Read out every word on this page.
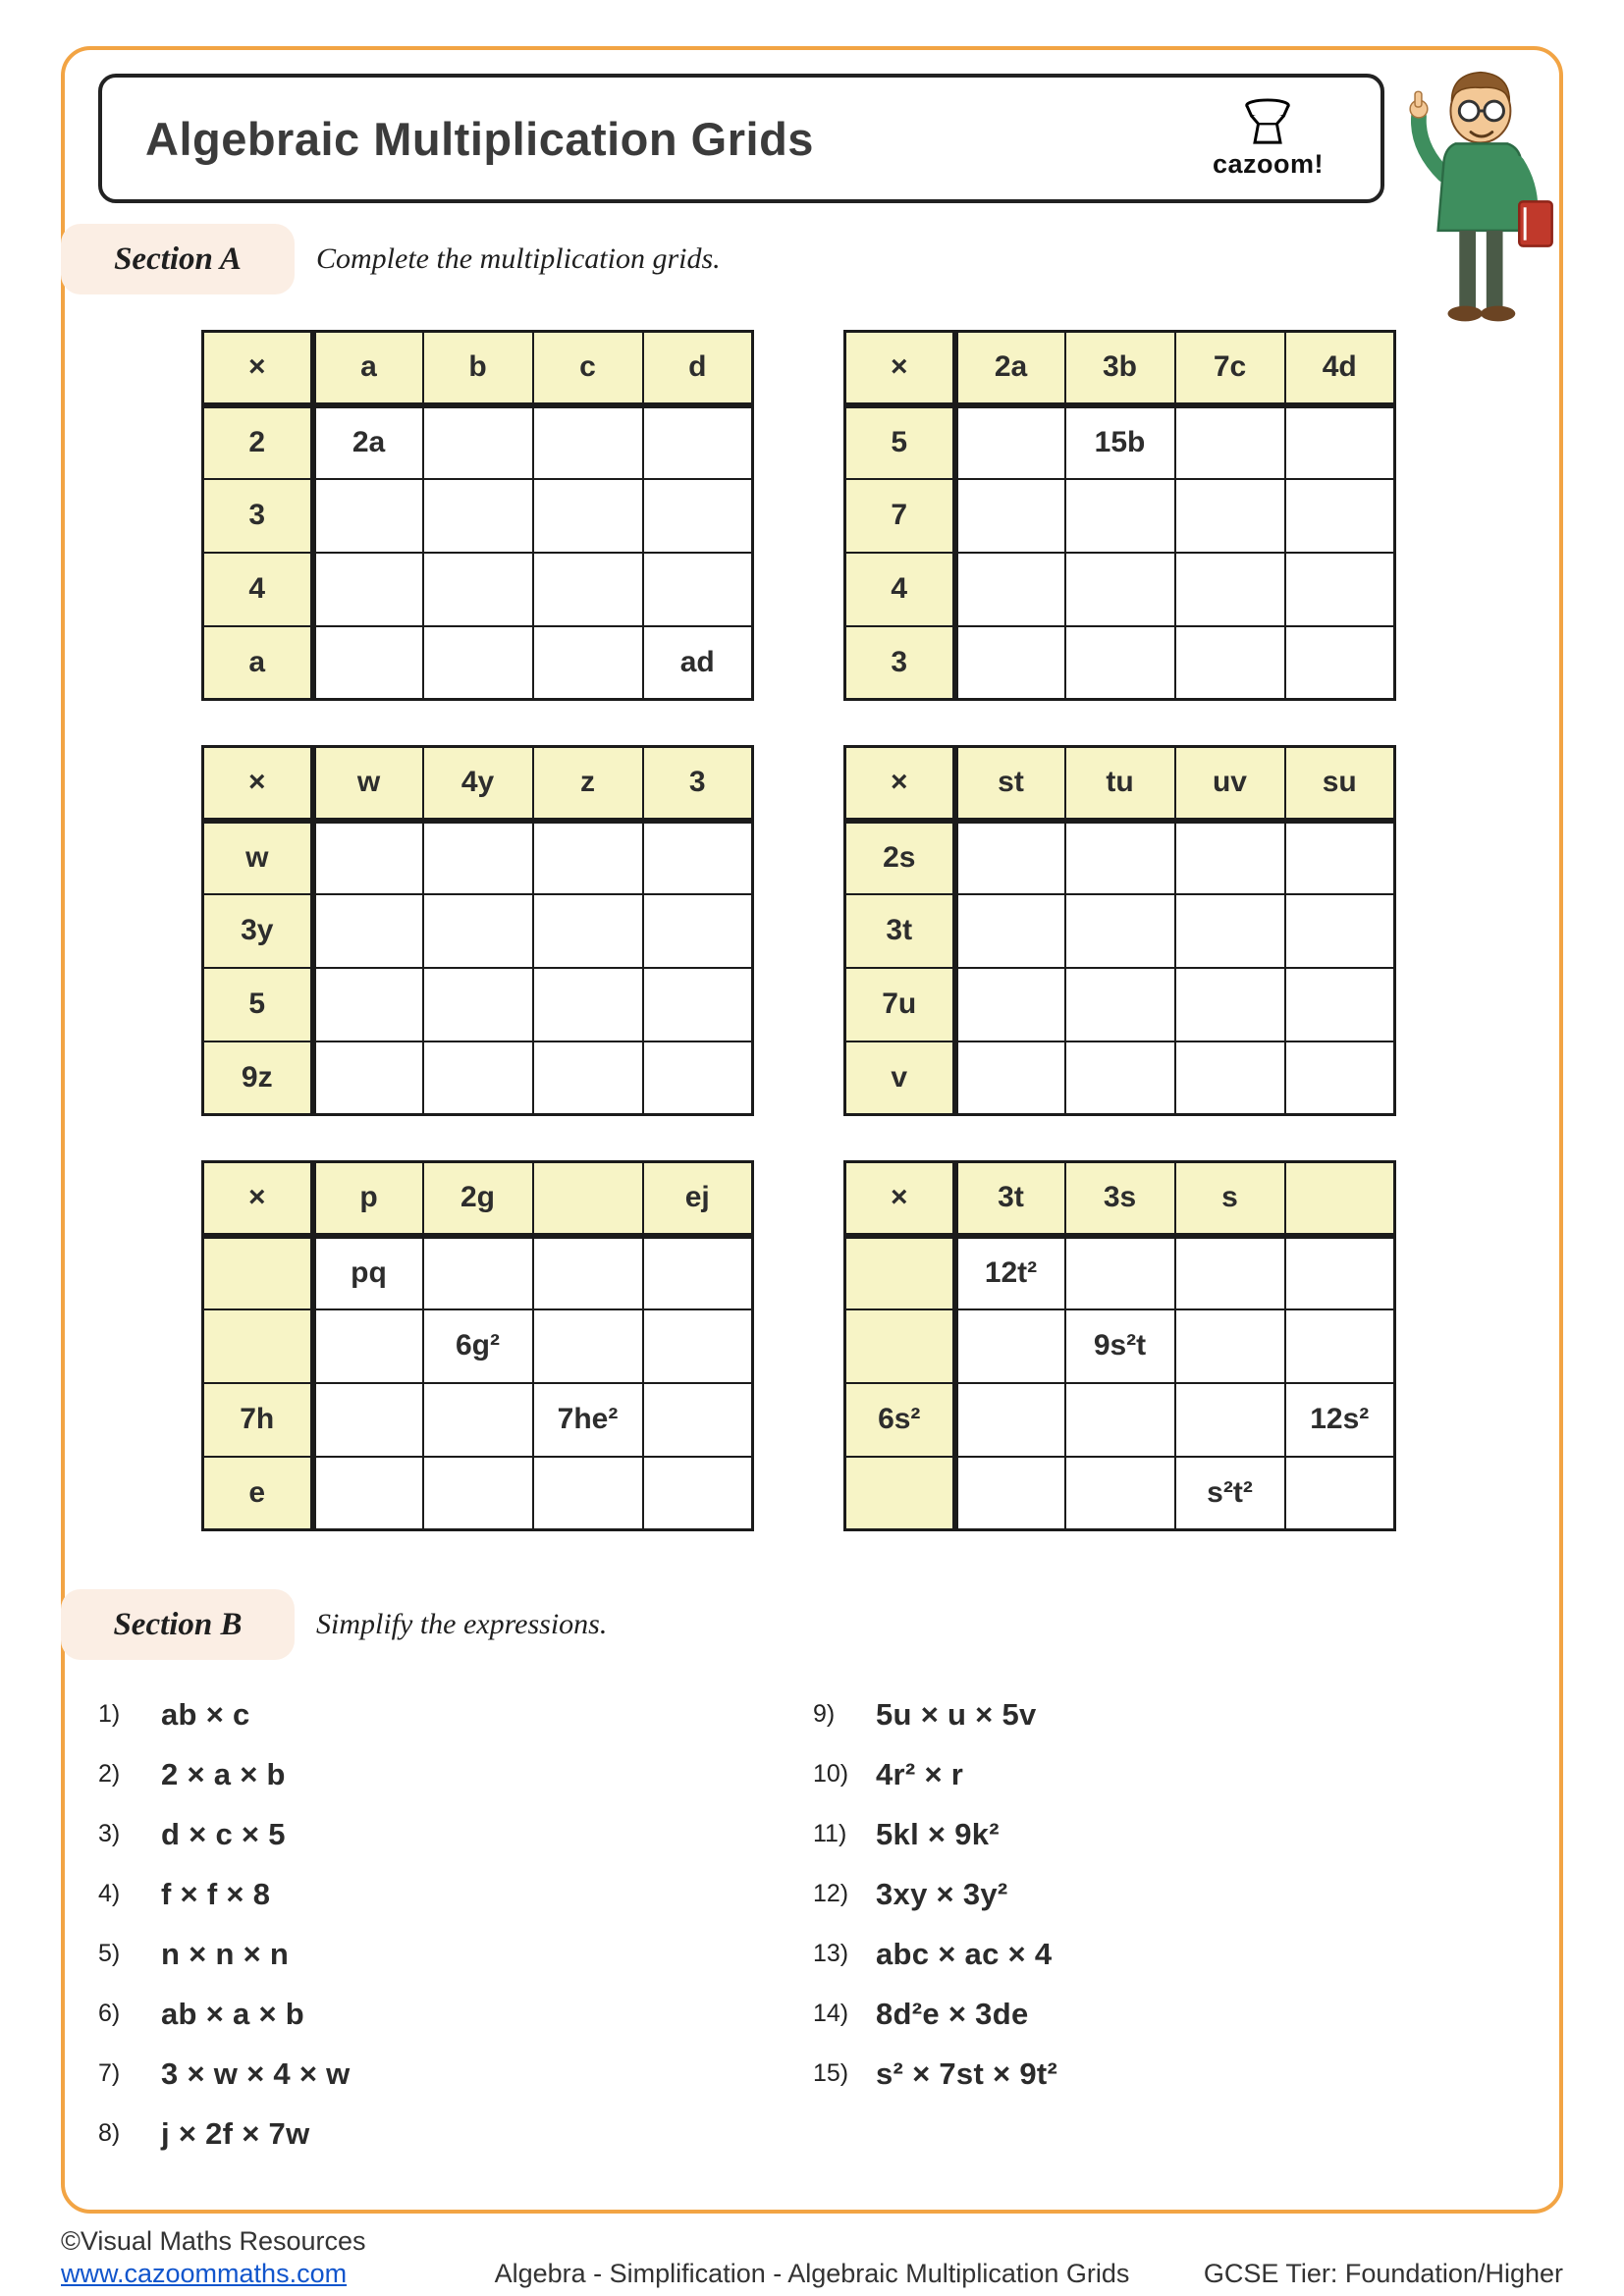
Algebraic Multiplication Grids	cazoom!
Section A	Complete the multiplication grids.
×	a	b	c	d
2	2a			
3				
4				
a				ad
×	2a	3b	7c	4d
5		15b		
7				
4				
3				
×	w	4y	z	3
w				
3y				
5				
9z				
×	st	tu	uv	su
2s				
3t				
7u				
v				
×	p	2g		ej
	pq			
		6g²		
7h			7he²	
e				
×	3t	3s	s	
	12t²			
		9s²t		
6s²				12s²
			s²t²	
Section B	Simplify the expressions.
1)	ab × c
2)	2 × a × b
3)	d × c × 5
4)	f × f × 8
5)	n × n × n
6)	ab × a × b
7)	3 × w × 4 × w
8)	j × 2f × 7w
9)	5u × u × 5v
10) 4r² × r
11) 5kl × 9k²
12) 3xy × 3y²
13) abc × ac × 4
14) 8d²e × 3de
15) s² × 7st × 9t²
©Visual Maths Resources
www.cazoommaths.com	Algebra - Simplification - Algebraic Multiplication Grids	GCSE Tier: Foundation/Higher
